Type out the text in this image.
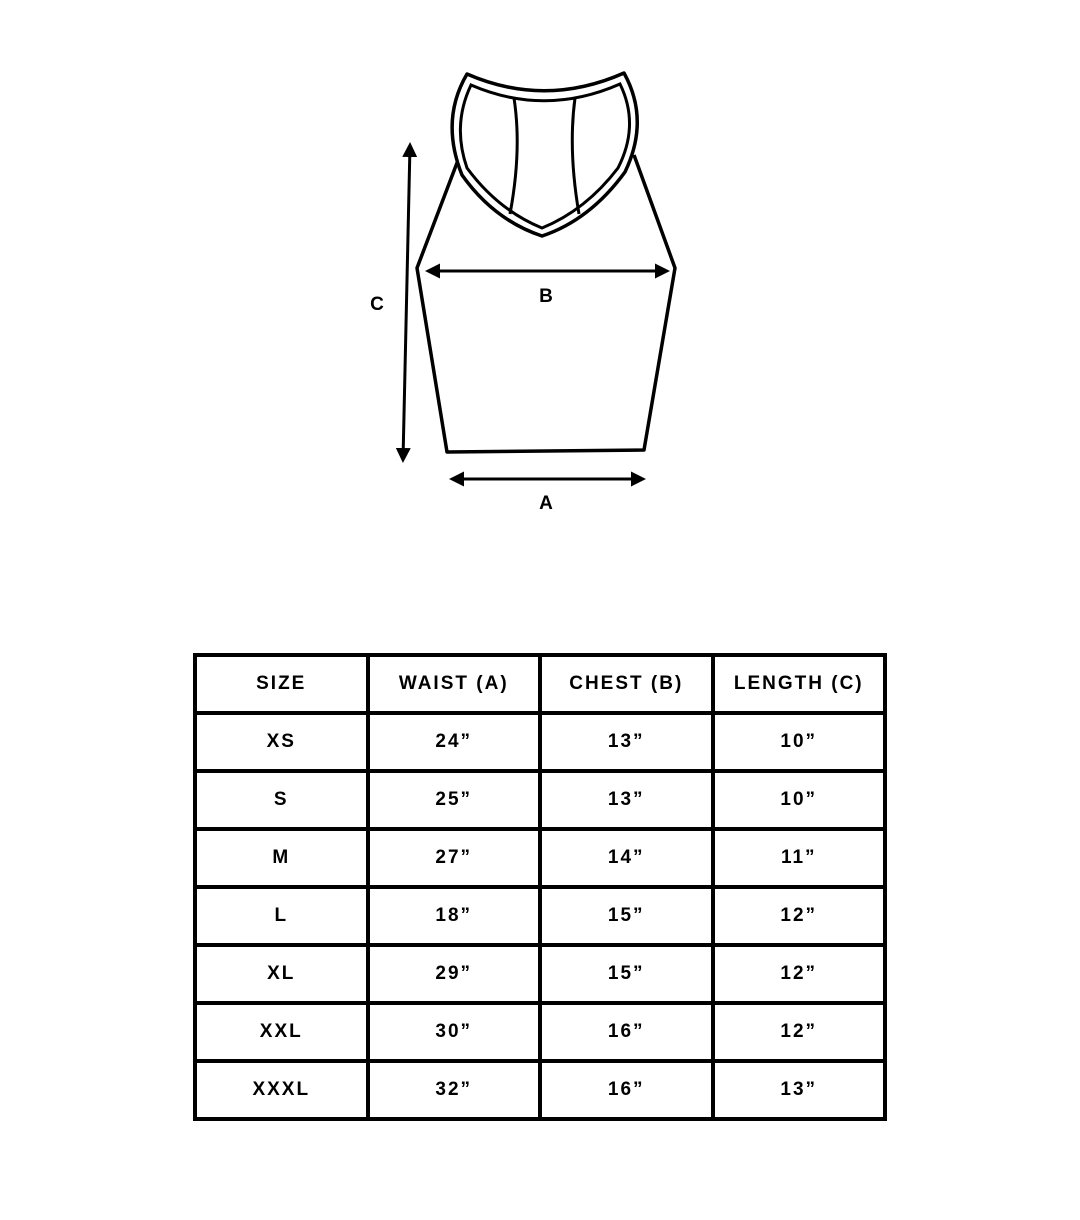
C	B
A
SIZE	WAIST (A)	CHEST (B)	LENGTH (C)
XS	24”	13”	10”
S	25”	13”	10”
M	27”	14”	11”
L	18”	15”	12”
XL	29”	15”	12”
XXL	30”	16”	12”
XXXL	32”	16”	13”
